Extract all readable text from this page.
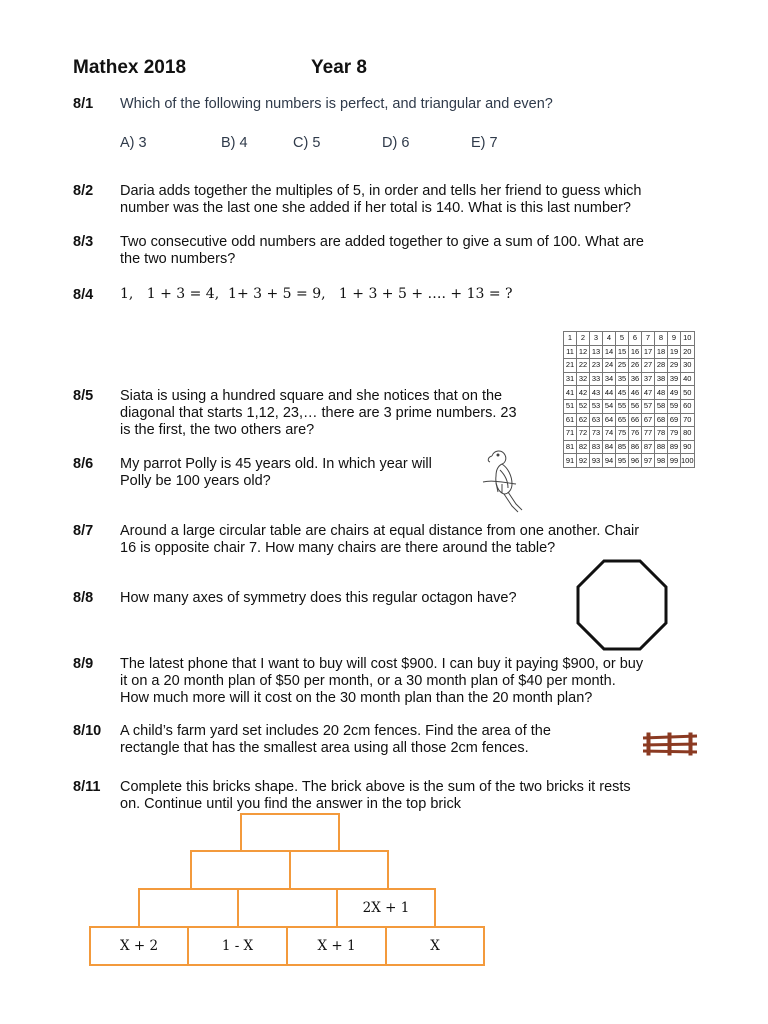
Mathex 2018	Year 8
8/1 Which of the following numbers is perfect, and triangular and even?
A) 3	B) 4	C) 5	D) 6	E) 7
8/2 Daria adds together the multiples of 5, in order and tells her friend to guess which
number was the last one she added if her total is 140. What is this last number?
8/3 Two consecutive odd numbers are added together to give a sum of 100. What are
the two numbers?
8/4 1,   1 + 3 = 4,  1+ 3 + 5 = 9,   1 + 3 + 5 + …. + 13 = ?
1	2	3	4	5	6	7	8	9	10
11	12	13	14	15	16	17	18	19	20
21	22	23	24	25	26	27	28	29	30
31	32	33	34	35	36	37	38	39	40
41	42	43	44	45	46	47	48	49	50
51	52	53	54	55	56	57	58	59	60
61	62	63	64	65	66	67	68	69	70
71	72	73	74	75	76	77	78	79	80
81	82	83	84	85	86	87	88	89	90
91	92	93	94	95	96	97	98	99	100
8/5 Siata is using a hundred square and she notices that on the
diagonal that starts 1,12, 23,… there are 3 prime numbers. 23
is the first, the two others are?
8/6 My parrot Polly is 45 years old. In which year will
Polly be 100 years old?
8/7 Around a large circular table are chairs at equal distance from one another. Chair
16 is opposite chair 7. How many chairs are there around the table?
8/8 How many axes of symmetry does this regular octagon have?
8/9 The latest phone that I want to buy will cost $900. I can buy it paying $900, or buy
it on a 20 month plan of $50 per month, or a 30 month plan of $40 per month.
How much more will it cost on the 30 month plan than the 20 month plan?
8/10 A child’s farm yard set includes 20 2cm fences. Find the area of the
rectangle that has the smallest area using all those 2cm fences.
8/11 Complete this bricks shape. The brick above is the sum of the two bricks it rests
on. Continue until you find the answer in the top brick
2X + 1
X + 2	1 - X	X + 1	X
